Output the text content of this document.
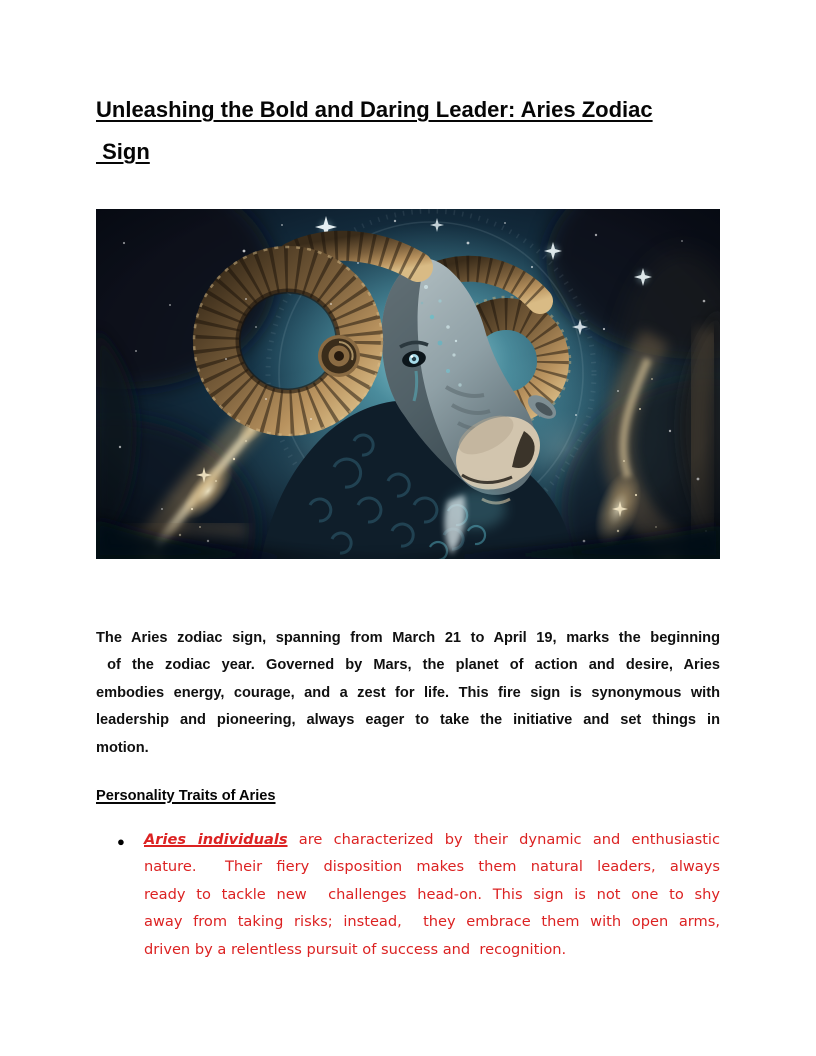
Unleashing the Bold and Daring Leader: Aries Zodiac
Sign
The Aries zodiac sign, spanning from March 21 to April 19, marks the beginning
of the zodiac year. Governed by Mars, the planet of action and desire, Aries
embodies energy, courage, and a zest for life. This fire sign is synonymous with
leadership and pioneering, always eager to take the initiative and set things in
motion.
Personality Traits of Aries
● Aries individuals are characterized by their dynamic and enthusiastic
nature.  Their fiery disposition makes them natural leaders, always
ready to tackle new  challenges head-on. This sign is not one to shy
away from taking risks; instead,  they embrace them with open arms,
driven by a relentless pursuit of success and  recognition.
